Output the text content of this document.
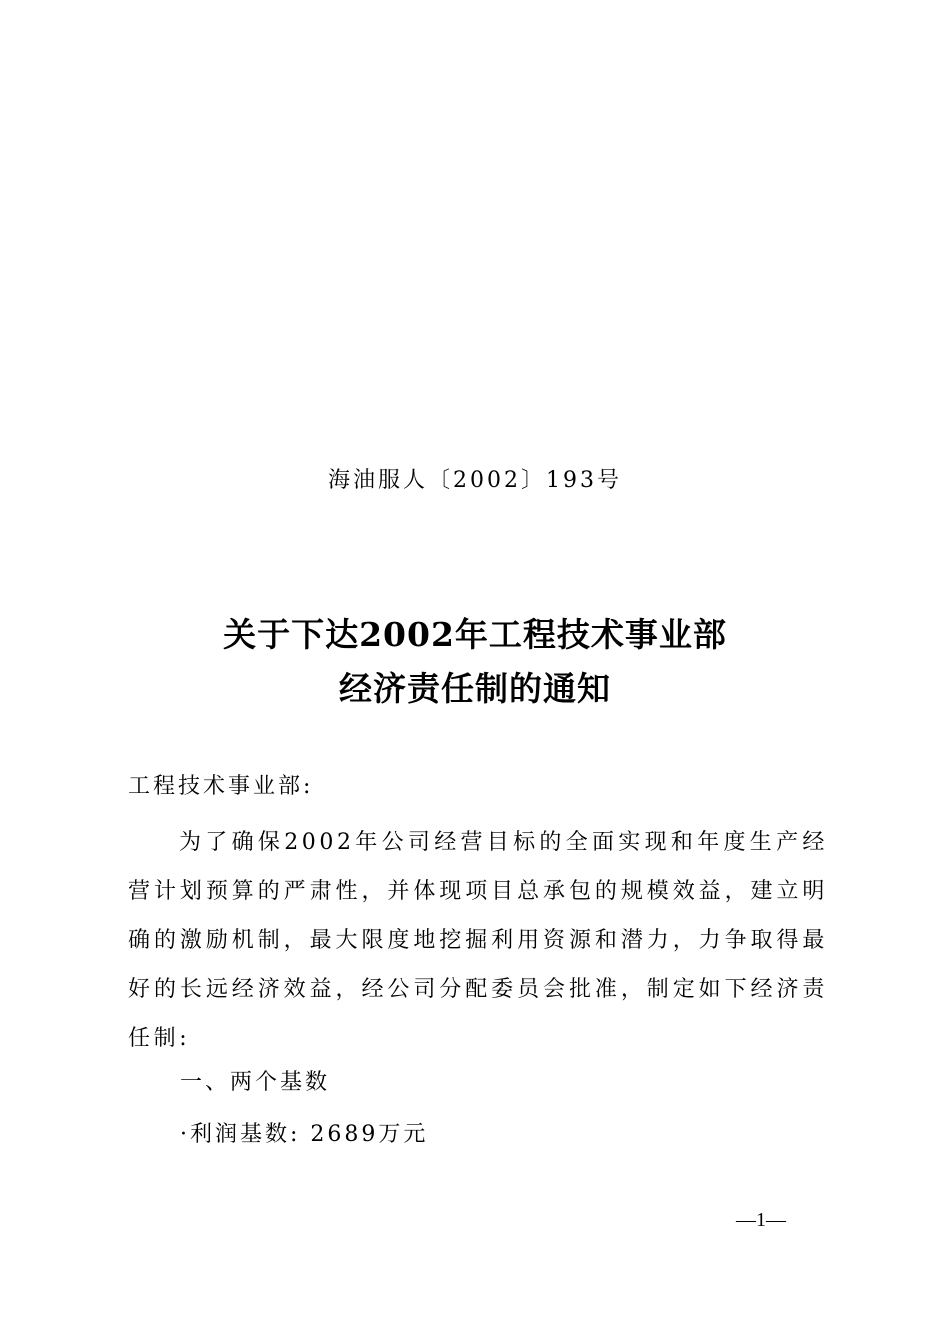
海油服人〔2002〕193号
关于下达2002年工程技术事业部
经济责任制的通知
工程技术事业部:

为了确保2002年公司经营目标的全面实现和年度生产经营计划预算的严肃性，并体现项目总承包的规模效益，建立明确的激励机制，最大限度地挖掘利用资源和潜力，力争取得最好的长远经济效益，经公司分配委员会批准，制定如下经济责任制:

一、两个基数
·利润基数: 2689万元
—1—
